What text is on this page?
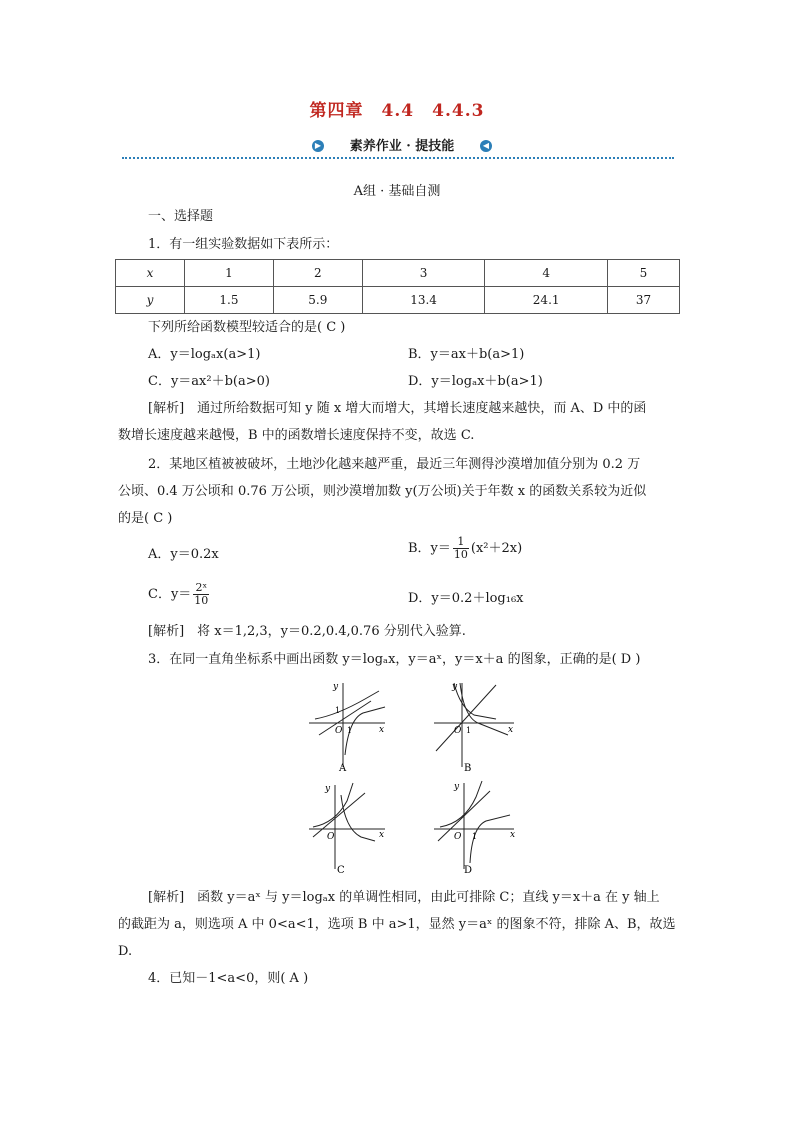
第四章　4.4　4.4.3
▶	素养作业 · 提技能	◀
A组 · 基础自测
一、选择题
1．有一组实验数据如下表所示：
x	1	2	3	4	5
y	1.5	5.9	13.4	24.1	37
下列所给函数模型较适合的是( C )
A．y＝logₐx(a>1)	B．y＝ax＋b(a>1)
C．y＝ax²＋b(a>0)	D．y＝logₐx＋b(a>1)
[解析]　通过所给数据可知 y 随 x 增大而增大，其增长速度越来越快，而 A、D 中的函
数增长速度越来越慢，B 中的函数增长速度保持不变，故选 C.
2．某地区植被被破坏，土地沙化越来越严重，最近三年测得沙漠增加值分别为 0.2 万
公顷、0.4 万公顷和 0.76 万公顷，则沙漠增加数 y(万公顷)关于年数 x 的函数关系较为近似
的是( C )
A．y＝0.2x	B．$y= \frac{1}{10} (x^2+2x)$
C．$y= \frac{\text{2ˣ}}{10}$	D．y＝0.2＋log₁₆x
[解析]　将 x＝1,2,3，y＝0.2,0.4,0.76 分别代入验算.
3．在同一直角坐标系中画出函数 y＝logₐx，y＝aˣ，y＝x＋a 的图象，正确的是( D )
O 1
1
x
y
A
O 1	x
y
B
O	x
y
C
O 1	x
y
D
[解析]　函数 y＝aˣ 与 y＝logₐx 的单调性相同，由此可排除 C；直线 y＝x＋a 在 y 轴上
的截距为 a，则选项 A 中 0<a<1，选项 B 中 a>1，显然 y＝aˣ 的图象不符，排除 A、B，故选
D.
4．已知－1<a<0，则( A )
